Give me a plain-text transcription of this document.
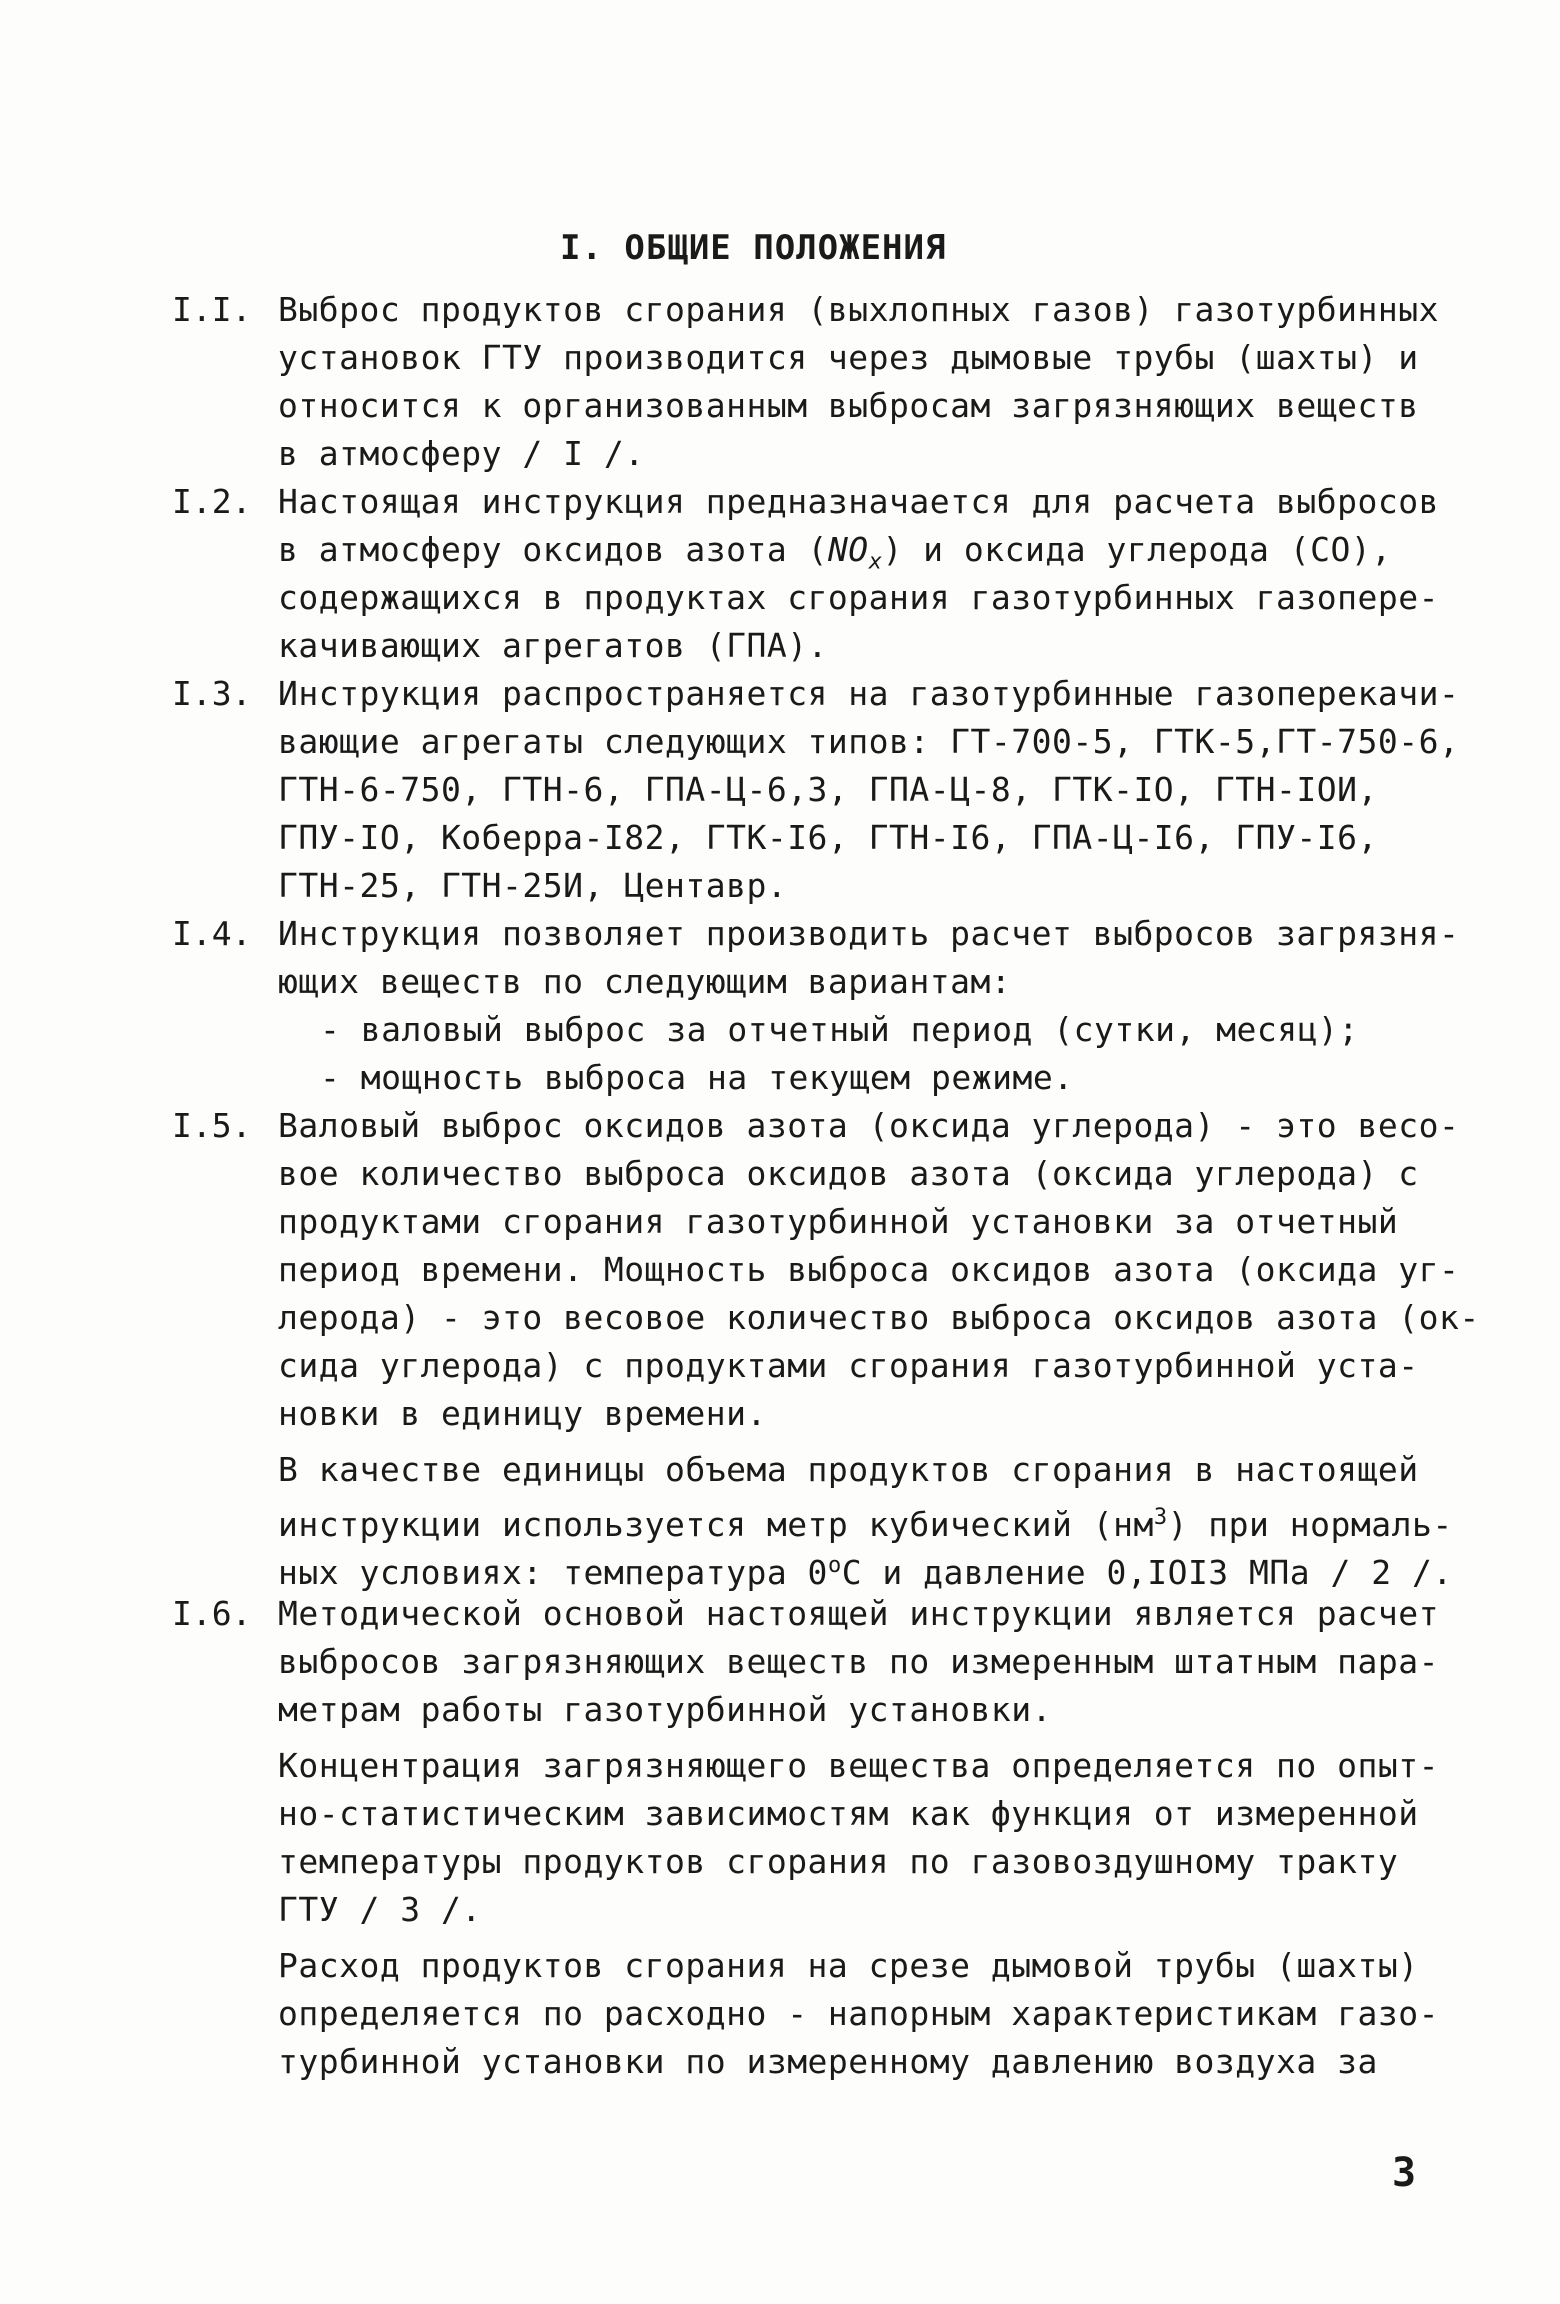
I. ОБЩИЕ ПОЛОЖЕНИЯ
I.I. Выброс продуктов сгорания (выхлопных газов) газотурбинных
установок ГТУ производится через дымовые трубы (шахты) и
относится к организованным выбросам загрязняющих веществ
в атмосферу / I /.
I.2. Настоящая инструкция предназначается для расчета выбросов
в атмосферу оксидов азота $(NO_x)$ и оксида углерода (СО),
содержащихся в продуктах сгорания газотурбинных газопере-
качивающих агрегатов (ГПА).
I.3. Инструкция распространяется на газотурбинные газоперекачи-
вающие агрегаты следующих типов: ГТ-700-5, ГТК-5,ГТ-750-6,
ГТН-6-750, ГТН-6, ГПА-Ц-6,3, ГПА-Ц-8, ГТК-IO, ГТН-IOИ,
ГПУ-IO, Коберра-I82, ГТК-I6, ГТН-I6, ГПА-Ц-I6, ГПУ-I6,
ГТН-25, ГТН-25И, Центавр.
I.4. Инструкция позволяет производить расчет выбросов загрязня-
ющих веществ по следующим вариантам:
- валовый выброс за отчетный период (сутки, месяц);
- мощность выброса на текущем режиме.
I.5. Валовый выброс оксидов азота (оксида углерода) - это весо-
вое количество выброса оксидов азота (оксида углерода) с
продуктами сгорания газотурбинной установки за отчетный
период времени. Мощность выброса оксидов азота (оксида уг-
лерода) - это весовое количество выброса оксидов азота (ок-
сида углерода) с продуктами сгорания газотурбинной уста-
новки в единицу времени.
В качестве единицы объема продуктов сгорания в настоящей
инструкции используется метр кубический $(нм^3)$ при нормаль-
ных условиях: температура $0^оС$ и давление 0,IOI3 МПа / 2 /.
I.6. Методической основой настоящей инструкции является расчет
выбросов загрязняющих веществ по измеренным штатным пара-
метрам работы газотурбинной установки.
Концентрация загрязняющего вещества определяется по опыт-
но-статистическим зависимостям как функция от измеренной
температуры продуктов сгорания по газовоздушному тракту
ГТУ / 3 /.
Расход продуктов сгорания на срезе дымовой трубы (шахты)
определяется по расходно - напорным характеристикам газо-
турбинной установки по измеренному давлению воздуха за
3
